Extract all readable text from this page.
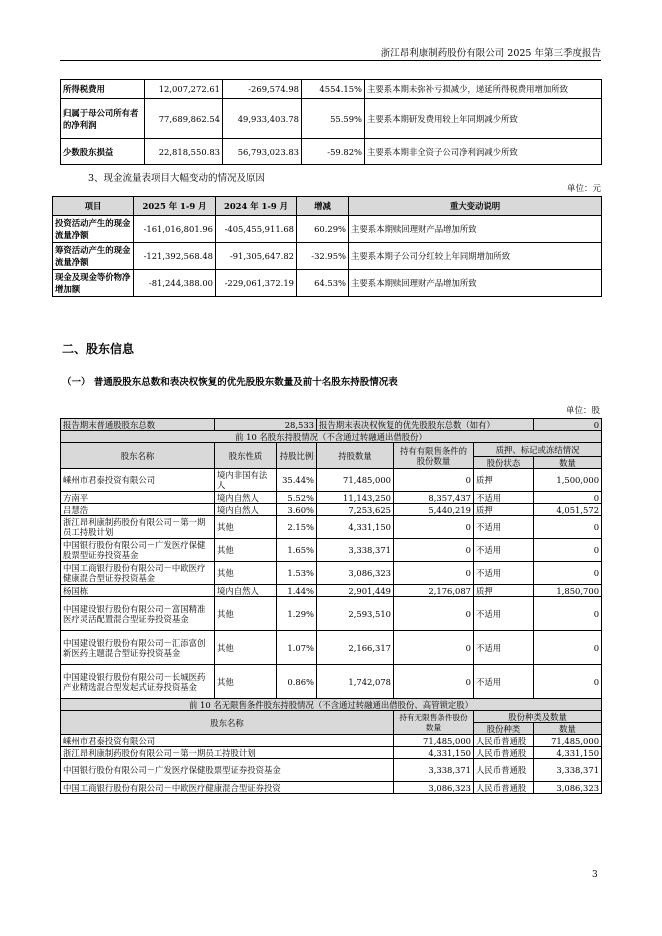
浙江昂利康制药股份有限公司 2025 年第三季度报告
所得税费用	12,007,272.61	-269,574.98	4554.15%	主要系本期未弥补亏损减少，递延所得税费用增加所致
归属于母公司所有者的净利润	77,689,862.54	49,933,403.78	55.59%	主要系本期研发费用较上年同期减少所致
少数股东损益	22,818,550.83	56,793,023.83	-59.82%	主要系本期非全资子公司净利润减少所致
3、现金流量表项目大幅变动的情况及原因
单位：元
项目	2025 年 1-9 月	2024 年 1-9 月	增减	重大变动说明
投资活动产生的现金流量净额	-161,016,801.96	-405,455,911.68	60.29%	主要系本期赎回理财产品增加所致
筹资活动产生的现金流量净额	-121,392,568.48	-91,305,647.82	-32.95%	主要系本期子公司分红较上年同期增加所致
现金及现金等价物净增加额	-81,244,388.00	-229,061,372.19	64.53%	主要系本期赎回理财产品增加所致
二、股东信息
（一） 普通股股东总数和表决权恢复的优先股股东数量及前十名股东持股情况表
单位：股
报告期末普通股股东总数	28,533		报告期末表决权恢复的优先股股东总数（如有）			0
前 10 名股东持股情况（不含通过转融通出借股份）						
股东名称	股东性质	持股比例	持股数量	持有有限售条件的股份数量	质押、标记或冻结情况	
					股份状态	数量
嵊州市君泰投资有限公司	境内非国有法人	35.44%	71,485,000	0	质押	1,500,000
方南平	境内自然人	5.52%	11,143,250	8,357,437	不适用	0
吕慧浩	境内自然人	3.60%	7,253,625	5,440,219	质押	4,051,572
浙江昂利康制药股份有限公司－第一期员工持股计划	其他	2.15%	4,331,150	0	不适用	0
中国银行股份有限公司－广发医疗保健股票型证券投资基金	其他	1.65%	3,338,371	0	不适用	0
中国工商银行股份有限公司－中欧医疗健康混合型证券投资基金	其他	1.53%	3,086,323	0	不适用	0
杨国栋	境内自然人	1.44%	2,901,449	2,176,087	质押	1,850,700
中国建设银行股份有限公司－富国精准医疗灵活配置混合型证券投资基金	其他	1.29%	2,593,510	0	不适用	0
中国建设银行股份有限公司－汇添富创新医药主题混合型证券投资基金	其他	1.07%	2,166,317	0	不适用	0
中国建设银行股份有限公司－长城医药产业精选混合型发起式证券投资基金	其他	0.86%	1,742,078	0	不适用	0
前 10 名无限售条件股东持股情况（不含通过转融通出借股份、高管锁定股）						
股东名称				持有无限售条件股份数量	股份种类及数量	
					股份种类	数量
嵊州市君泰投资有限公司				71,485,000	人民币普通股	71,485,000
浙江昂利康制药股份有限公司－第一期员工持股计划				4,331,150	人民币普通股	4,331,150
中国银行股份有限公司－广发医疗保健股票型证券投资基金				3,338,371	人民币普通股	3,338,371
中国工商银行股份有限公司－中欧医疗健康混合型证券投资				3,086,323	人民币普通股	3,086,323
3
